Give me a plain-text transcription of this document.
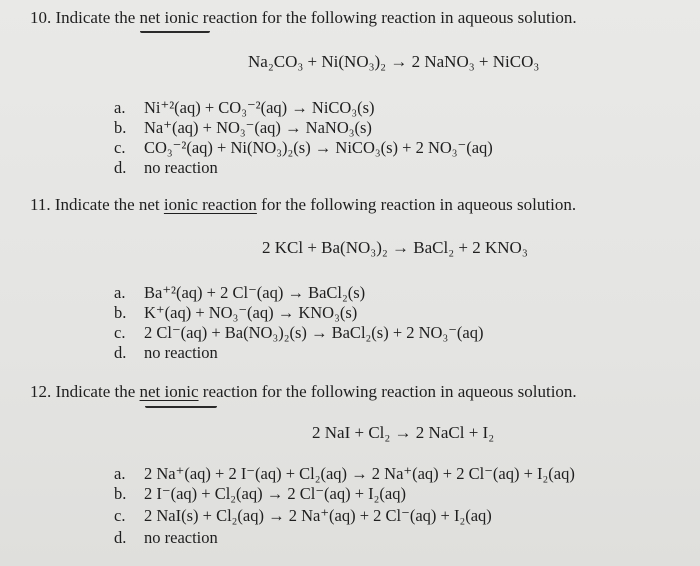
10. Indicate the net ionic reaction for the following reaction in aqueous solution.
Na₂CO₃ + Ni(NO₃)₂ → 2 NaNO₃ + NiCO₃
a. Ni⁺²(aq) + CO₃⁻²(aq) → NiCO₃(s)
b. Na⁺(aq) + NO₃⁻(aq) → NaNO₃(s)
c. CO₃⁻²(aq) + Ni(NO₃)₂(s) → NiCO₃(s) + 2 NO₃⁻(aq)
d. no reaction
11. Indicate the net ionic reaction for the following reaction in aqueous solution.
2 KCl + Ba(NO₃)₂ → BaCl₂ + 2 KNO₃
a. Ba⁺²(aq) + 2 Cl⁻(aq) → BaCl₂(s)
b. K⁺(aq) + NO₃⁻(aq) → KNO₃(s)
c. 2 Cl⁻(aq) + Ba(NO₃)₂(s) → BaCl₂(s) + 2 NO₃⁻(aq)
d. no reaction
12. Indicate the net ionic reaction for the following reaction in aqueous solution.
2 NaI + Cl₂ → 2 NaCl + I₂
a. 2 Na⁺(aq) + 2 I⁻(aq) + Cl₂(aq) → 2 Na⁺(aq) + 2 Cl⁻(aq) + I₂(aq)
b. 2 I⁻(aq) + Cl₂(aq) → 2 Cl⁻(aq) + I₂(aq)
c. 2 NaI(s) + Cl₂(aq) → 2 Na⁺(aq) + 2 Cl⁻(aq) + I₂(aq)
d. no reaction
